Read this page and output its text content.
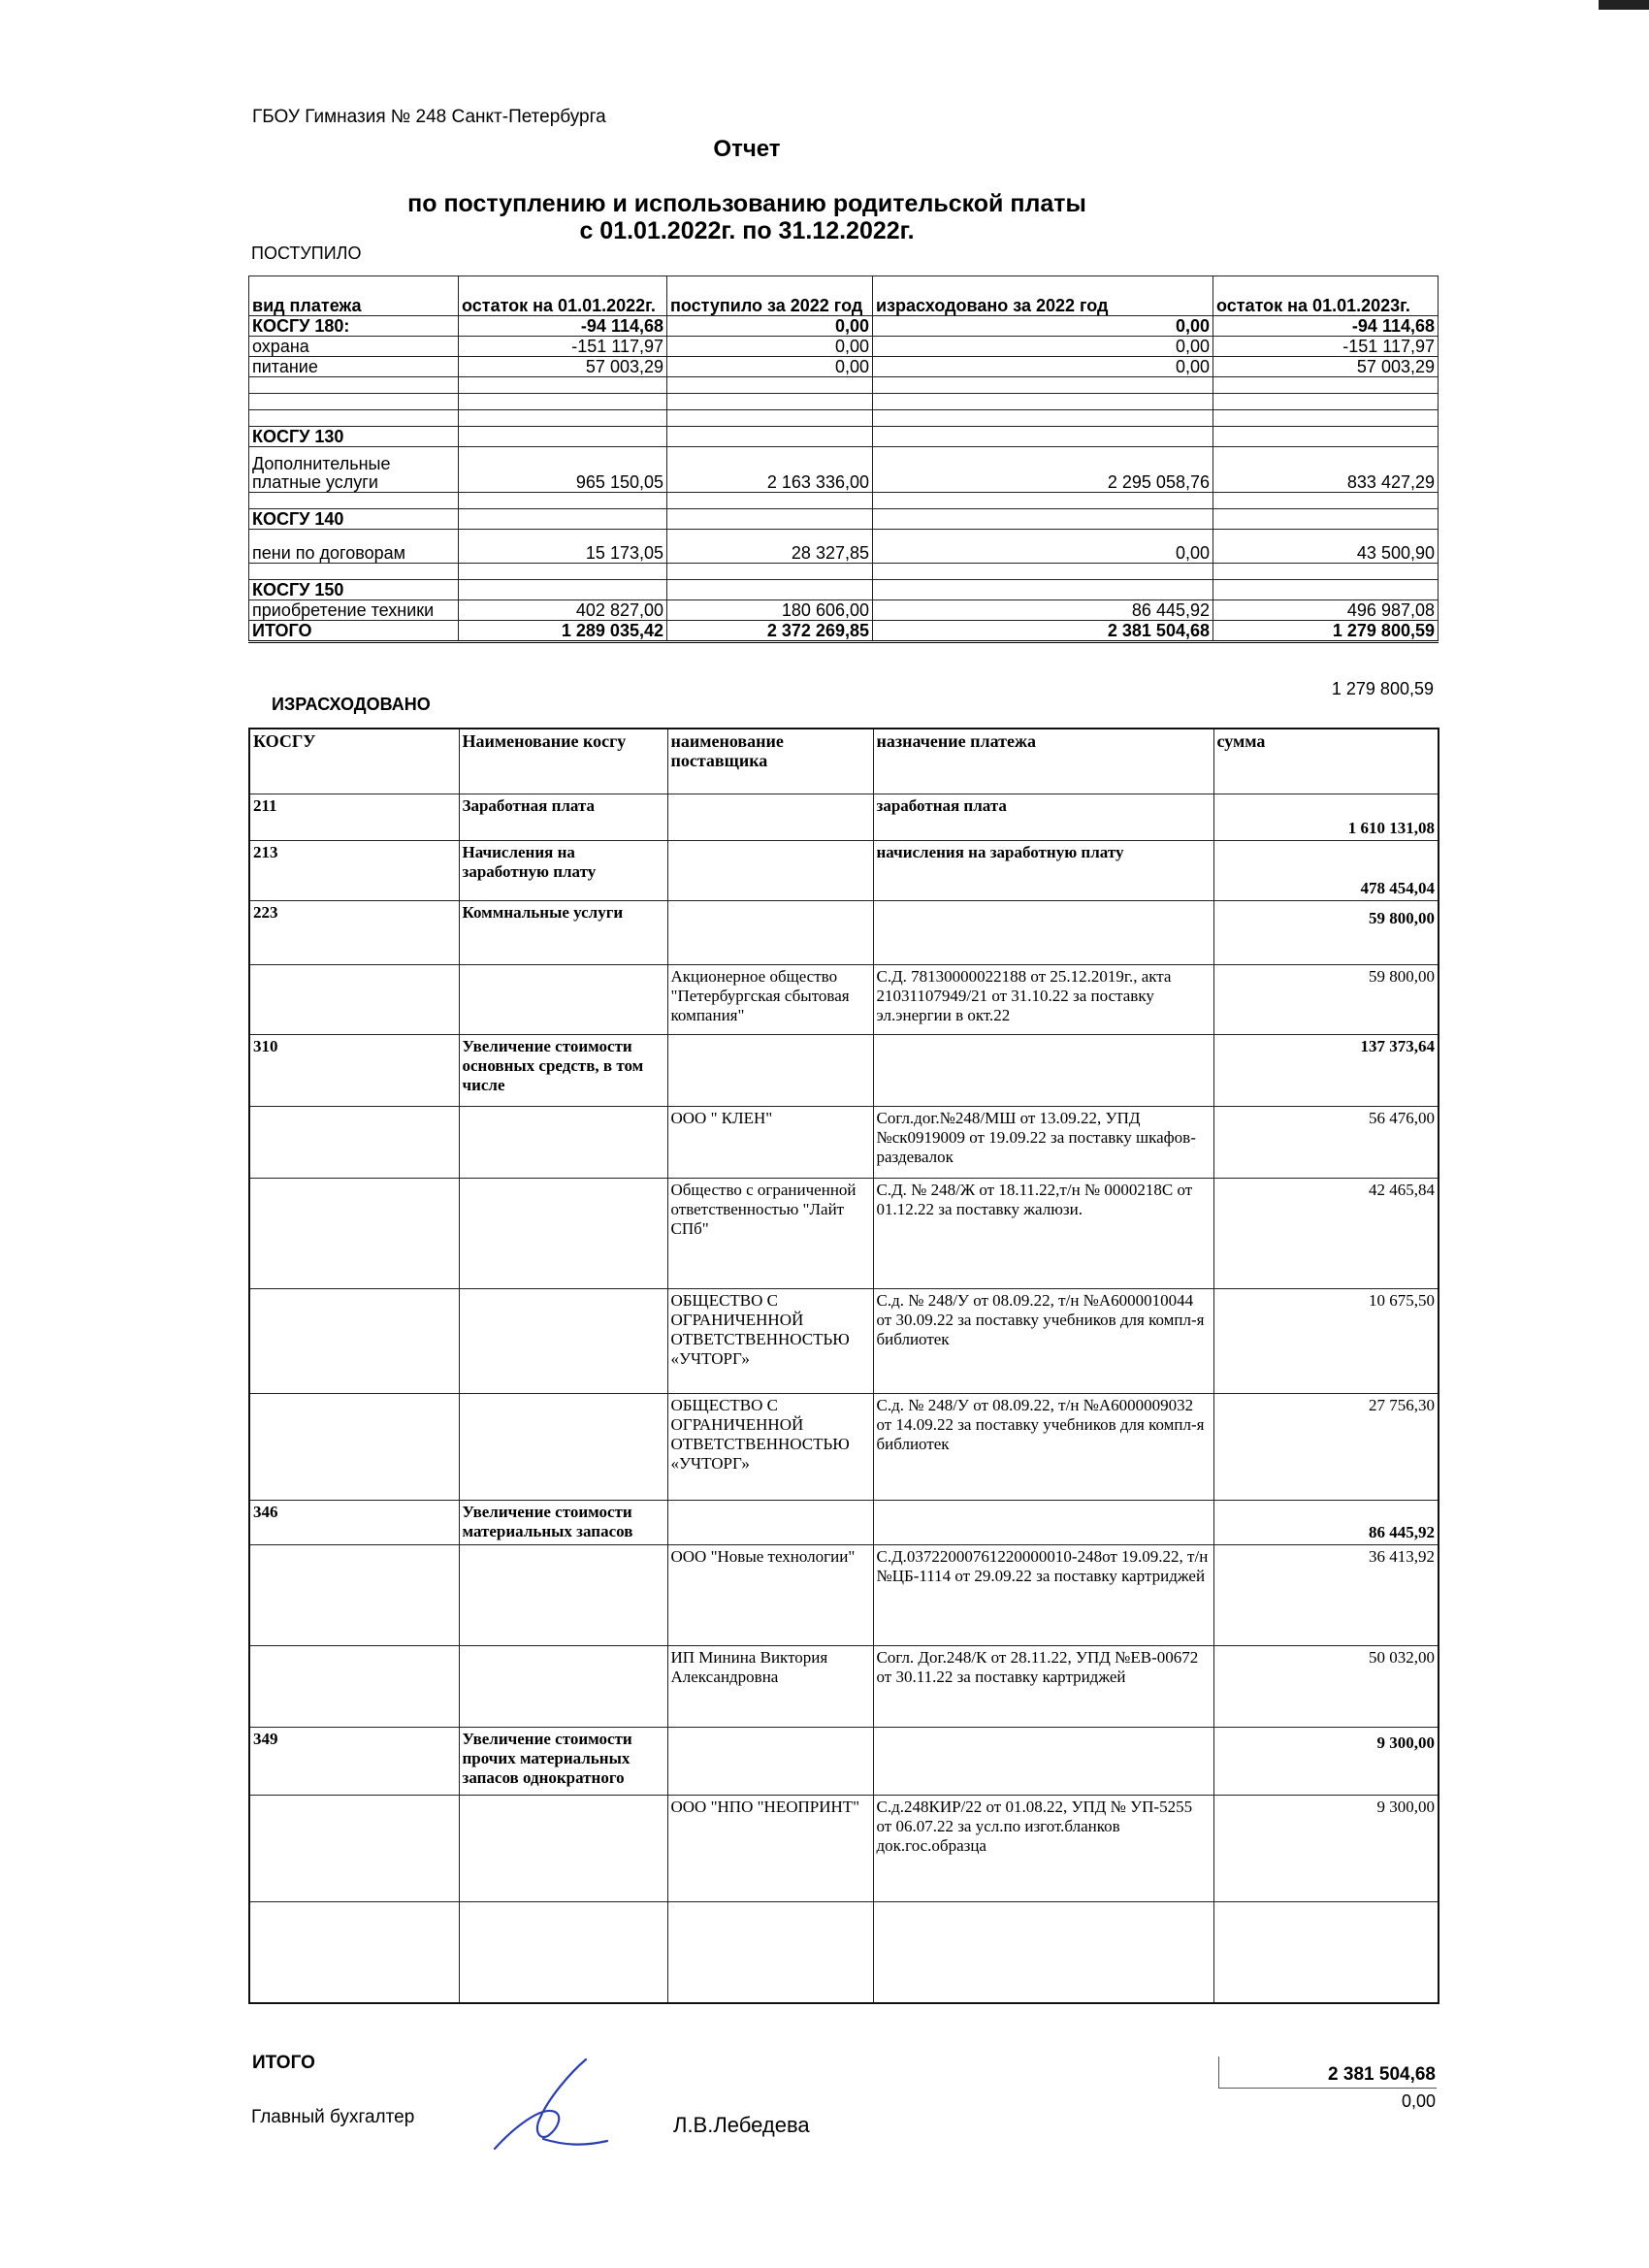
ГБОУ Гимназия № 248 Санкт-Петербурга
Отчет
по поступлению и использованию родительской платы
с 01.01.2022г. по 31.12.2022г.
ПОСТУПИЛО
вид платежа	остаток на 01.01.2022г.	поступило за 2022 год	израсходовано за 2022 год	остаток на 01.01.2023г.
КОСГУ 180:	-94 114,68	0,00	0,00	-94 114,68
охрана	-151 117,97	0,00	0,00	-151 117,97
питание	57 003,29	0,00	0,00	57 003,29

КОСГУ 130				
Дополнительные платные услуги	965 150,05	2 163 336,00	2 295 058,76	833 427,29

КОСГУ 140				
пени по договорам	15 173,05	28 327,85	0,00	43 500,90

КОСГУ 150				
приобретение техники	402 827,00	180 606,00	86 445,92	496 987,08
ИТОГО	1 289 035,42	2 372 269,85	2 381 504,68	1 279 800,59
1 279 800,59
ИЗРАСХОДОВАНО
КОСГУ	Наименование косгу	наименование поставщика	назначение платежа	сумма
211	Заработная плата		заработная плата	1 610 131,08
213	Начисления на заработную плату		начисления на заработную плату	478 454,04
223	Коммнальные услуги			59 800,00
		Акционерное общество "Петербургская сбытовая компания"	С.Д. 78130000022188 от 25.12.2019г., акта 21031107949/21 от 31.10.22 за поставку эл.энергии в окт.22	59 800,00
310	Увеличение стоимости основных средств, в том числе			137 373,64
		ООО " КЛЕН"	Согл.дог.№248/МШ от 13.09.22, УПД №ск0919009 от 19.09.22 за поставку шкафов-раздевалок	56 476,00
		Общество с ограниченной ответственностью "Лайт СПб"	С.Д. № 248/Ж от 18.11.22,т/н № 0000218С от 01.12.22 за поставку жалюзи.	42 465,84
		ОБЩЕСТВО С ОГРАНИЧЕННОЙ ОТВЕТСТВЕННОСТЬЮ «УЧТОРГ»	С.д. № 248/У от 08.09.22, т/н №А6000010044 от 30.09.22 за поставку учебников для компл-я библиотек	10 675,50
		ОБЩЕСТВО С ОГРАНИЧЕННОЙ ОТВЕТСТВЕННОСТЬЮ «УЧТОРГ»	С.д. № 248/У от 08.09.22, т/н №А6000009032 от 14.09.22 за поставку учебников для компл-я библиотек	27 756,30
346	Увеличение стоимости материальных запасов			86 445,92
		ООО "Новые технологии"	С.Д.03722000761220000010-248от 19.09.22, т/н №ЦБ-1114 от 29.09.22 за поставку картриджей	36 413,92
		ИП Минина Виктория Александровна	Согл. Дог.248/К от 28.11.22, УПД №ЕВ-00672 от 30.11.22 за поставку картриджей	50 032,00
349	Увеличение стоимости прочих материальных запасов однократного			9 300,00
		ООО "НПО "НЕОПРИНТ"	С.д.248КИР/22 от 01.08.22, УПД № УП-5255 от 06.07.22 за усл.по изгот.бланков док.гос.образца	9 300,00

ИТОГО
2 381 504,68
0,00
Главный бухгалтер	Л.В.Лебедева
